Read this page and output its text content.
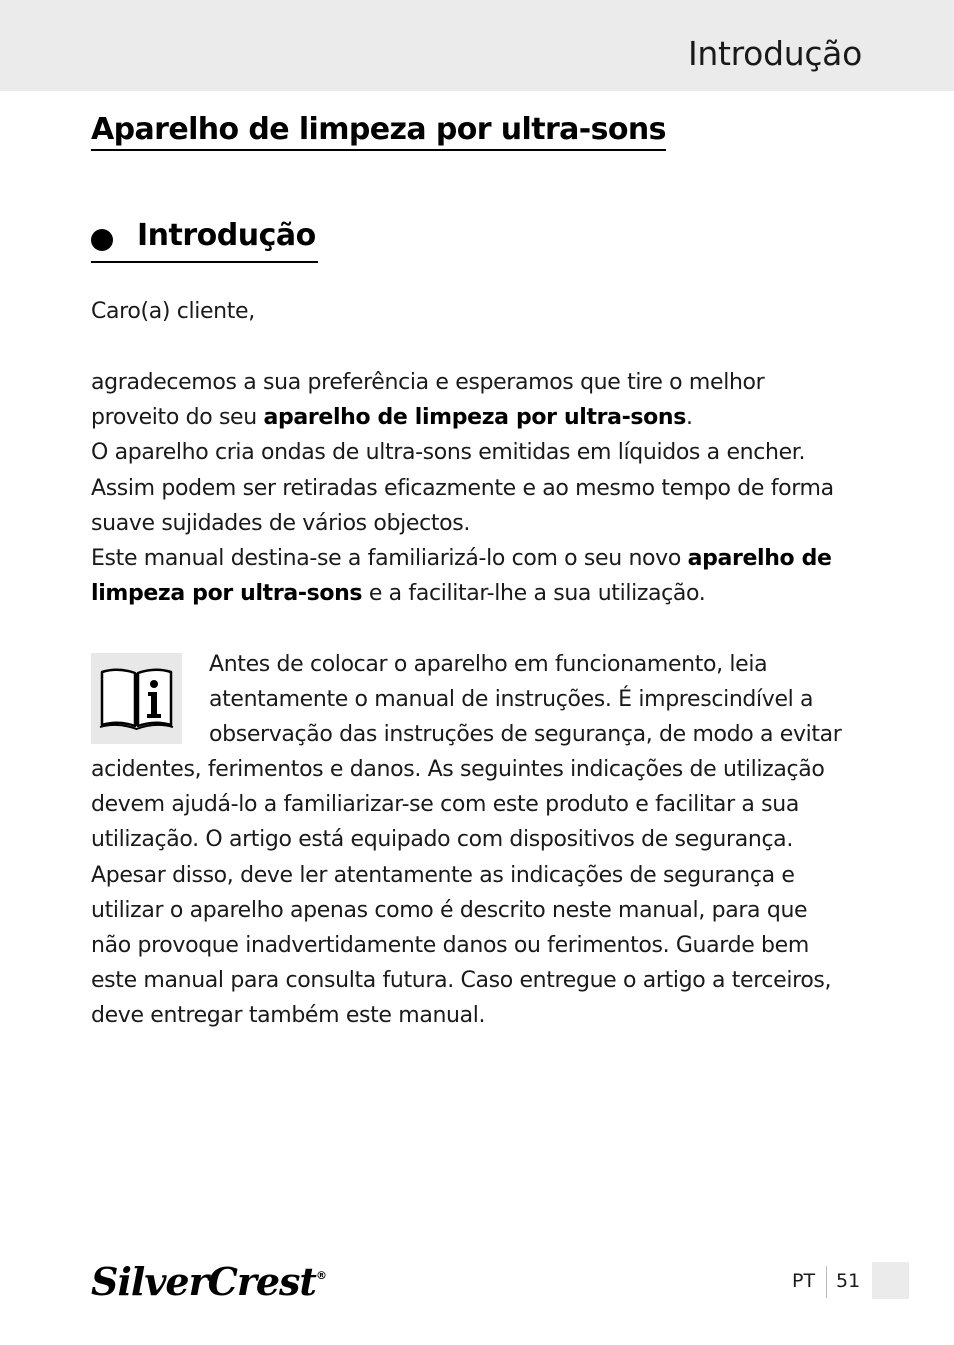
Introdução
Aparelho de limpeza por ultra-sons
Introdução
Caro(a) cliente,
agradecemos a sua preferência e esperamos que tire o melhor
proveito do seu aparelho de limpeza por ultra-sons.
O aparelho cria ondas de ultra-sons emitidas em líquidos a encher.
Assim podem ser retiradas eficazmente e ao mesmo tempo de forma
suave sujidades de vários objectos.
Este manual destina-se a familiarizá-lo com o seu novo aparelho de
limpeza por ultra-sons e a facilitar-lhe a sua utilização.
Antes de colocar o aparelho em funcionamento, leia
atentamente o manual de instruções. É imprescindível a
observação das instruções de segurança, de modo a evitar
acidentes, ferimentos e danos. As seguintes indicações de utilização
devem ajudá-lo a familiarizar-se com este produto e facilitar a sua
utilização. O artigo está equipado com dispositivos de segurança.
Apesar disso, deve ler atentamente as indicações de segurança e
utilizar o aparelho apenas como é descrito neste manual, para que
não provoque inadvertidamente danos ou ferimentos. Guarde bem
este manual para consulta futura. Caso entregue o artigo a terceiros,
deve entregar também este manual.
SilverCrest®	PT 51
